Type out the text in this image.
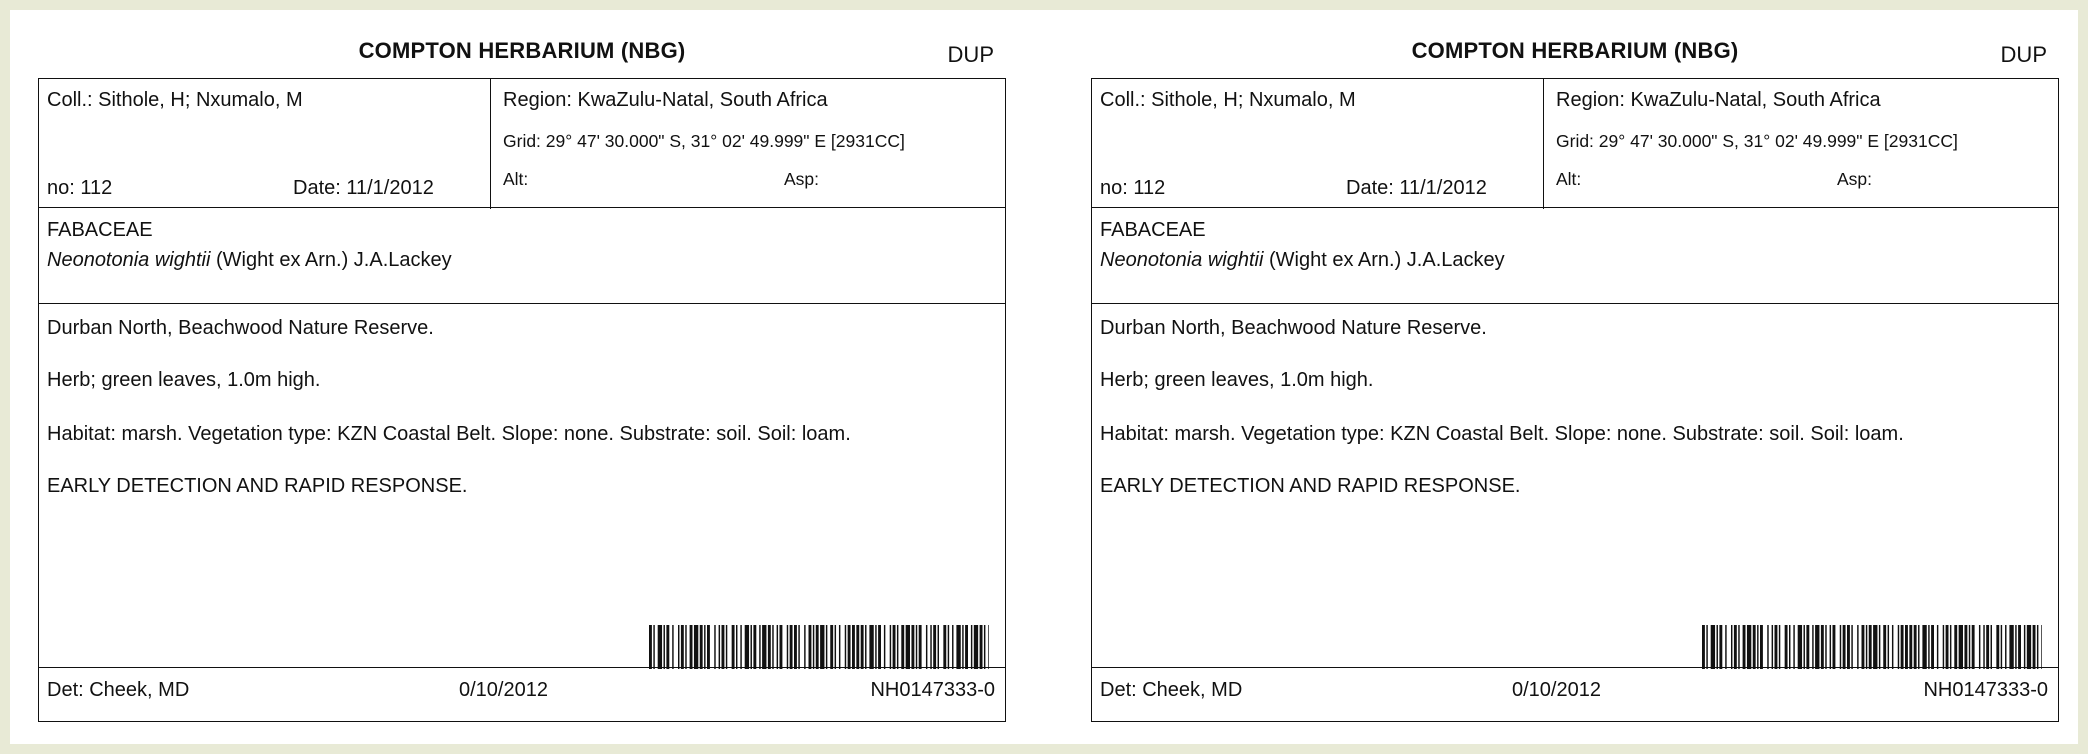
COMPTON HERBARIUM (NBG)	DUP
Coll.: Sithole, H; Nxumalo, M
no: 112	Date: 11/1/2012
Region: KwaZulu-Natal, South Africa
Grid: 29° 47' 30.000" S, 31° 02' 49.999" E [2931CC]
Alt:	Asp:
FABACEAE
Neonotonia wightii (Wight ex Arn.) J.A.Lackey
Durban North, Beachwood Nature Reserve.
Herb; green leaves, 1.0m high.
Habitat: marsh. Vegetation type: KZN Coastal Belt. Slope: none. Substrate: soil. Soil: loam.
EARLY DETECTION AND RAPID RESPONSE.
Det: Cheek, MD	0/10/2012	NH0147333-0
COMPTON HERBARIUM (NBG)	DUP
Coll.: Sithole, H; Nxumalo, M
no: 112	Date: 11/1/2012
Region: KwaZulu-Natal, South Africa
Grid: 29° 47' 30.000" S, 31° 02' 49.999" E [2931CC]
Alt:	Asp:
FABACEAE
Neonotonia wightii (Wight ex Arn.) J.A.Lackey
Durban North, Beachwood Nature Reserve.
Herb; green leaves, 1.0m high.
Habitat: marsh. Vegetation type: KZN Coastal Belt. Slope: none. Substrate: soil. Soil: loam.
EARLY DETECTION AND RAPID RESPONSE.
Det: Cheek, MD	0/10/2012	NH0147333-0
